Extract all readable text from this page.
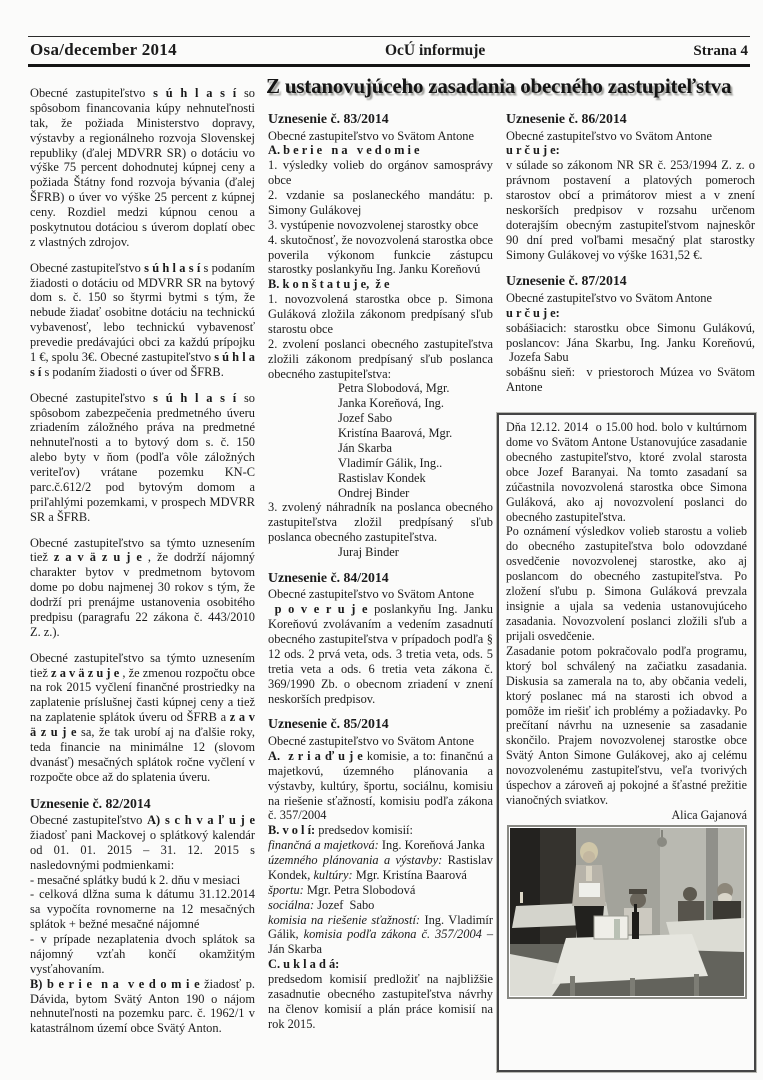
Osa/december 2014	OcÚ informuje	Strana 4
Z ustanovujúceho zasadania obecného zastupiteľstva

Obecné zastupiteľstvo s ú h l a s í so spôsobom financovania kúpy nehnuteľnosti tak, že požiada Ministerstvo dopravy, výstavby a regionálneho rozvoja Slovenskej republiky (ďalej MDVRR SR) o dotáciu vo výške 75 percent dohodnutej kúpnej ceny a požiada Štátny fond rozvoja bývania (ďalej ŠFRB) o úver vo výške 25 percent z kúpnej ceny. Rozdiel medzi kúpnou cenou a poskytnutou dotáciou s úverom doplatí obec z vlastných zdrojov.

Obecné zastupiteľstvo s ú h l a s í s podaním žiadosti o dotáciu od MDVRR SR na bytový dom s. č. 150 so štyrmi bytmi s tým, že nebude žiadať osobitne dotáciu na technickú vybavenosť, lebo technickú vybavenosť prevedie predávajúci obci za každú prípojku 1 €, spolu 3€. Obecné zastupiteľstvo s ú h l a s í s podaním žiadosti o úver od ŠFRB.

Obecné zastupiteľstvo s ú h l a s í so spôsobom zabezpečenia predmetného úveru zriadením záložného práva na predmetné nehnuteľnosti a to bytový dom s. č. 150 alebo byty v ňom (podľa vôle záložných veriteľov) vrátane pozemku KN-C parc.č.612/2 pod bytovým domom a priľahlými pozemkami, v prospech MDVRR SR a ŠFRB.

Obecné zastupiteľstvo sa týmto uznesením tiež z a v ä z u j e , že dodrží nájomný charakter bytov v predmetnom bytovom dome po dobu najmenej 30 rokov s tým, že dodrží pri prenájme ustanovenia osobitého predpisu (paragrafu 22 zákona č. 443/2010 Z. z.).

Obecné zastupiteľstvo sa týmto uznesením tiež z a v ä z u j e , že zmenou rozpočtu obce na rok 2015 vyčlení finančné prostriedky na zaplatenie príslušnej časti kúpnej ceny a tiež na zaplatenie splátok úveru od ŠFRB a z a v ä z u j e sa, že tak urobí aj na ďalšie roky, teda financie na minimálne 12 (slovom dvanásť) mesačných splátok ročne vyčlení v rozpočte obce až do splatenia úveru.

Uznesenie č. 82/2014

Obecné zastupiteľstvo A) s c h v a ľ u j e žiadosť pani Mackovej o splátkový kalendár od 01. 01. 2015 – 31. 12. 2015 s nasledovnými podmienkami:

- mesačné splátky budú k 2. dňu v mesiaci

- celková dlžna suma k dátumu 31.12.2014 sa vypočíta rovnomerne na 12 mesačných splátok + bežné mesačné nájomné

- v prípade nezaplatenia dvoch splátok sa nájomný vzťah končí okamžitým vysťahovaním.

B) b e r i e  n a  v e d o m i e žiadosť p. Dávida, bytom Svätý Anton 190 o nájom nehnuteľnosti na pozemku parc. č. 1962/1 v katastrálnom území obce Svätý Anton.

Uznesenie č. 83/2014

Obecné zastupiteľstvo vo Svätom Antone

A. b e r i e   n a   v e d o m i e

1. výsledky volieb do orgánov samosprávy obce

2. vzdanie sa poslaneckého mandátu: p. Simony Gulákovej

3. vystúpenie novozvolenej starostky obce

4. skutočnosť, že novozvolená starostka obce poverila výkonom funkcie zástupcu starostky poslankyňu Ing. Janku Koreňovú

B. k o n š t a t u j e,  ž e

1. novozvolená starostka obce p. Simona Guláková zložila zákonom predpísaný sľub starostu obce

2. zvolení poslanci obecného zastupiteľstva zložili zákonom predpísaný sľub poslanca obecného zastupiteľstva:

Petra Slobodová, Mgr.

Janka Koreňová, Ing.

Jozef Sabo

Kristína Baarová, Mgr.

Ján Skarba

Vladimír Gálik, Ing..

Rastislav Kondek

Ondrej Binder

3. zvolený náhradník na poslanca obecného zastupiteľstva zložil predpísaný sľub poslanca obecného zastupiteľstva.

Juraj Binder

Uznesenie č. 84/2014

Obecné zastupiteľstvo vo Svätom Antone

p o v e r u j e poslankyňu Ing. Janku Koreňovú zvolávaním a vedením zasadnutí obecného zastupiteľstva v prípadoch podľa § 12 ods. 2 prvá veta, ods. 3 tretia veta, ods. 5 tretia veta a ods. 6 tretia veta zákona č. 369/1990 Zb. o obecnom zriadení v znení neskorších predpisov.

Uznesenie č. 85/2014

Obecné zastupiteľstvo vo Svätom Antone

A.  z r i a ď u j e komisie, a to: finančnú a majetkovú, územného plánovania a výstavby, kultúry, športu, sociálnu, komisiu na riešenie sťažností, komisiu podľa zákona č. 357/2004

B. v o l í: predsedov komisií:

finančná a majetková: Ing. Koreňová Janka

územného plánovania a výstavby: Rastislav Kondek, kultúry: Mgr. Kristína Baarová

športu: Mgr. Petra Slobodová

sociálna: Jozef  Sabo

komisia na riešenie sťažností: Ing. Vladimír Gálik, komisia podľa zákona č. 357/2004 – Ján Skarba

C. u k l a d á:

predsedom komisií predložiť na najbližšie zasadnutie obecného zastupiteľstva návrhy na členov komisií a plán práce komisií na rok 2015.

Uznesenie č. 86/2014

Obecné zastupiteľstvo vo Svätom Antone

u r č u j e:

v súlade so zákonom NR SR č. 253/1994 Z. z. o právnom postavení a platových pomeroch starostov obcí a primátorov miest a v znení neskorších predpisov v rozsahu určenom doterajším obecným zastupiteľstvom najneskôr 90 dní pred voľbami mesačný plat starostky Simony Gulákovej vo výške 1631,52 €.

Uznesenie č. 87/2014

Obecné zastupiteľstvo vo Svätom Antone

u r č u j e:

sobášiacich: starostku obce Simonu Gulákovú, poslancov: Jána Skarbu, Ing. Janku Koreňovú,  Jozefa Sabu

sobášnu sieň:  v priestoroch Múzea vo Svätom Antone

Dňa 12.12. 2014  o 15.00 hod. bolo v kultúrnom dome vo Svätom Antone Ustanovujúce zasadanie obecného zastupiteľstvo, ktoré zvolal starosta obce Jozef Baranyai. Na tomto zasadaní sa zúčastnila novozvolená starostka obce Simona Guláková, ako aj novozvolení poslanci do obecného zastupiteľstva.

Po oznámení výsledkov volieb starostu a volieb do obecného zastupiteľstva bolo odovzdané osvedčenie novozvolenej starostke, ako aj poslancom do obecného zastupiteľstva. Po zložení sľubu p. Simona Guláková prevzala insignie a ujala sa vedenia ustanovujúceho zasadania. Novozvolení poslanci zložili sľub a prijali osvedčenie.

Zasadanie potom pokračovalo podľa programu, ktorý bol schválený na začiatku zasadania. Diskusia sa zamerala na to, aby občania vedeli, ktorý poslanec má na starosti ich obvod a pomôže im riešiť ich problémy a požiadavky. Po prečítaní návrhu na uznesenie sa zasadanie skončilo. Prajem novozvolenej starostke obce Svätý Anton Simone Gulákovej, ako aj celému novozvolenému zastupiteľstvu, veľa tvorivých úspechov a zároveň aj pokojné a šťastné prežitie vianočných sviatkov.

Alica Gajanová
